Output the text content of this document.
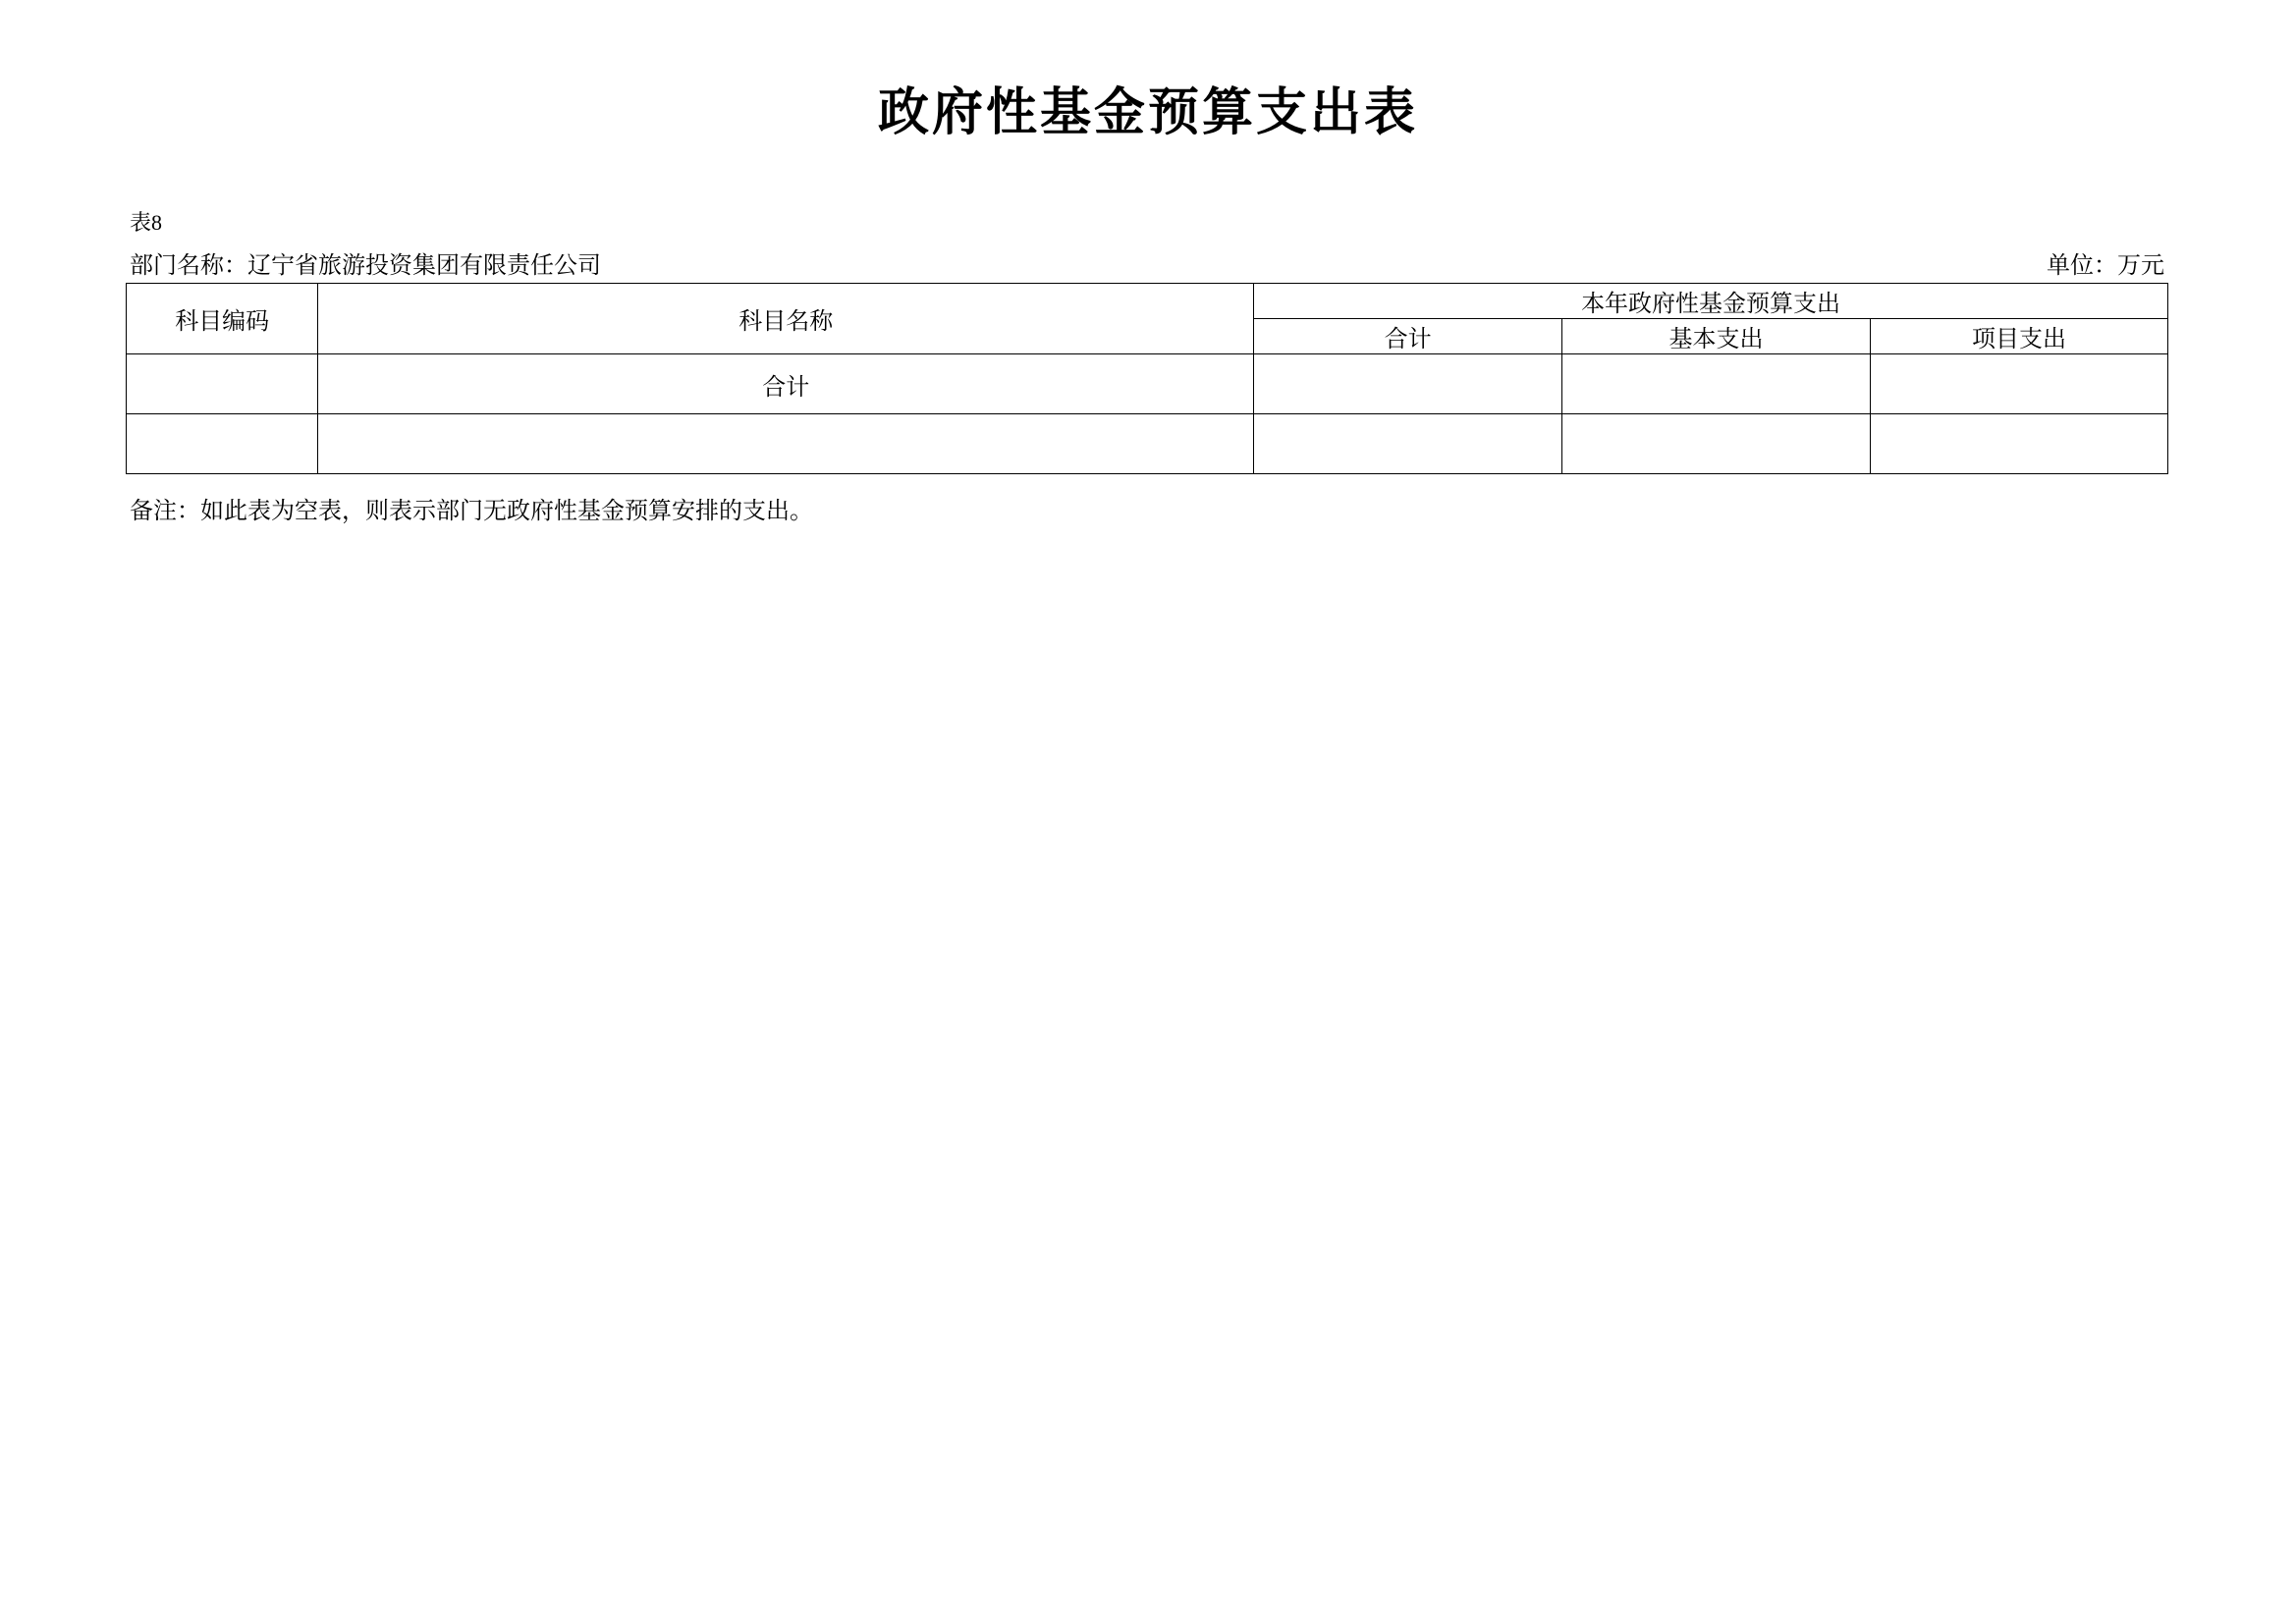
政府性基金预算支出表
表8
部门名称：辽宁省旅游投资集团有限责任公司	单位：万元
科目编码	科目名称	本年政府性基金预算支出		
		合计	基本支出	项目支出
	合计			

备注：如此表为空表，则表示部门无政府性基金预算安排的支出。
